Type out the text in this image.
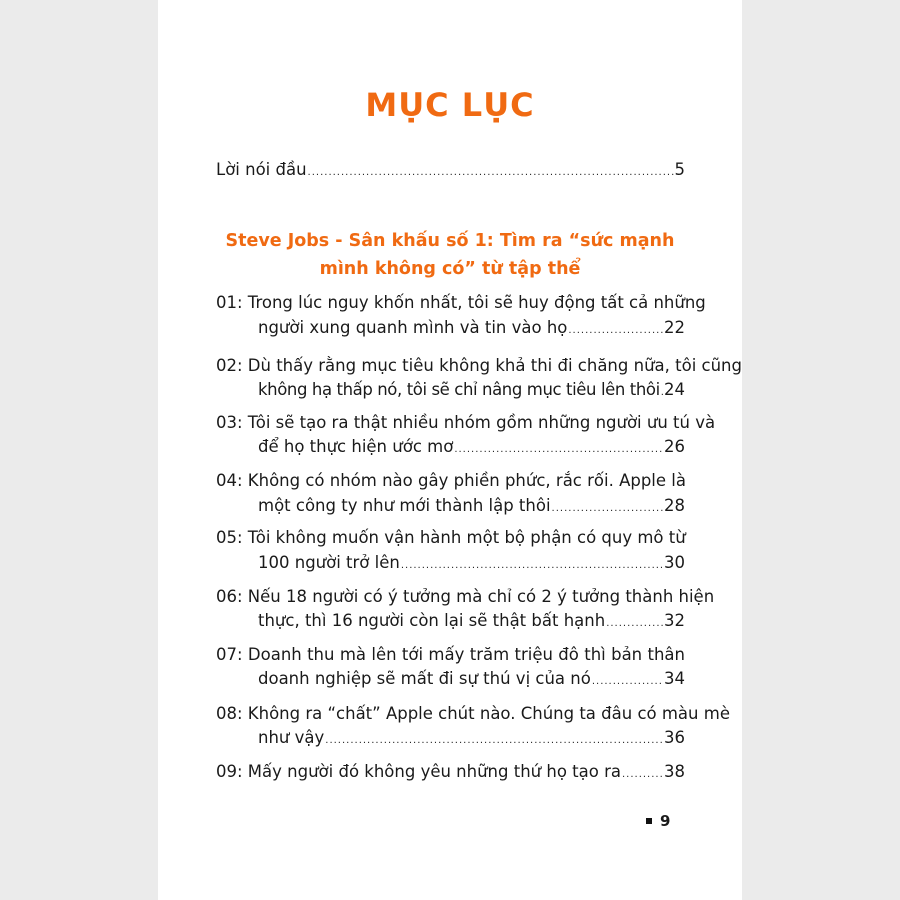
MỤC LỤC
Lời nói đầu .....	5
Steve Jobs - Sân khấu số 1: Tìm ra “sức mạnh
mình không có” từ tập thể
01: Trong lúc nguy khốn nhất, tôi sẽ huy động tất cả những
người xung quanh mình và tin vào họ .....	22
02: Dù thấy rằng mục tiêu không khả thi đi chăng nữa, tôi cũng
không hạ thấp nó, tôi sẽ chỉ nâng mục tiêu lên thôi ..... 24
03: Tôi sẽ tạo ra thật nhiều nhóm gồm những người ưu tú và
để họ thực hiện ước mơ .....	26
04: Không có nhóm nào gây phiền phức, rắc rối. Apple là
một công ty như mới thành lập thôi .....	28
05: Tôi không muốn vận hành một bộ phận có quy mô từ
100 người trở lên .....	30
06: Nếu 18 người có ý tưởng mà chỉ có 2 ý tưởng thành hiện
thực, thì 16 người còn lại sẽ thật bất hạnh .....	32
07: Doanh thu mà lên tới mấy trăm triệu đô thì bản thân
doanh nghiệp sẽ mất đi sự thú vị của nó .....	34
08: Không ra “chất” Apple chút nào. Chúng ta đâu có màu mè
như vậy .....	36
09: Mấy người đó không yêu những thứ họ tạo ra .....	38
9
